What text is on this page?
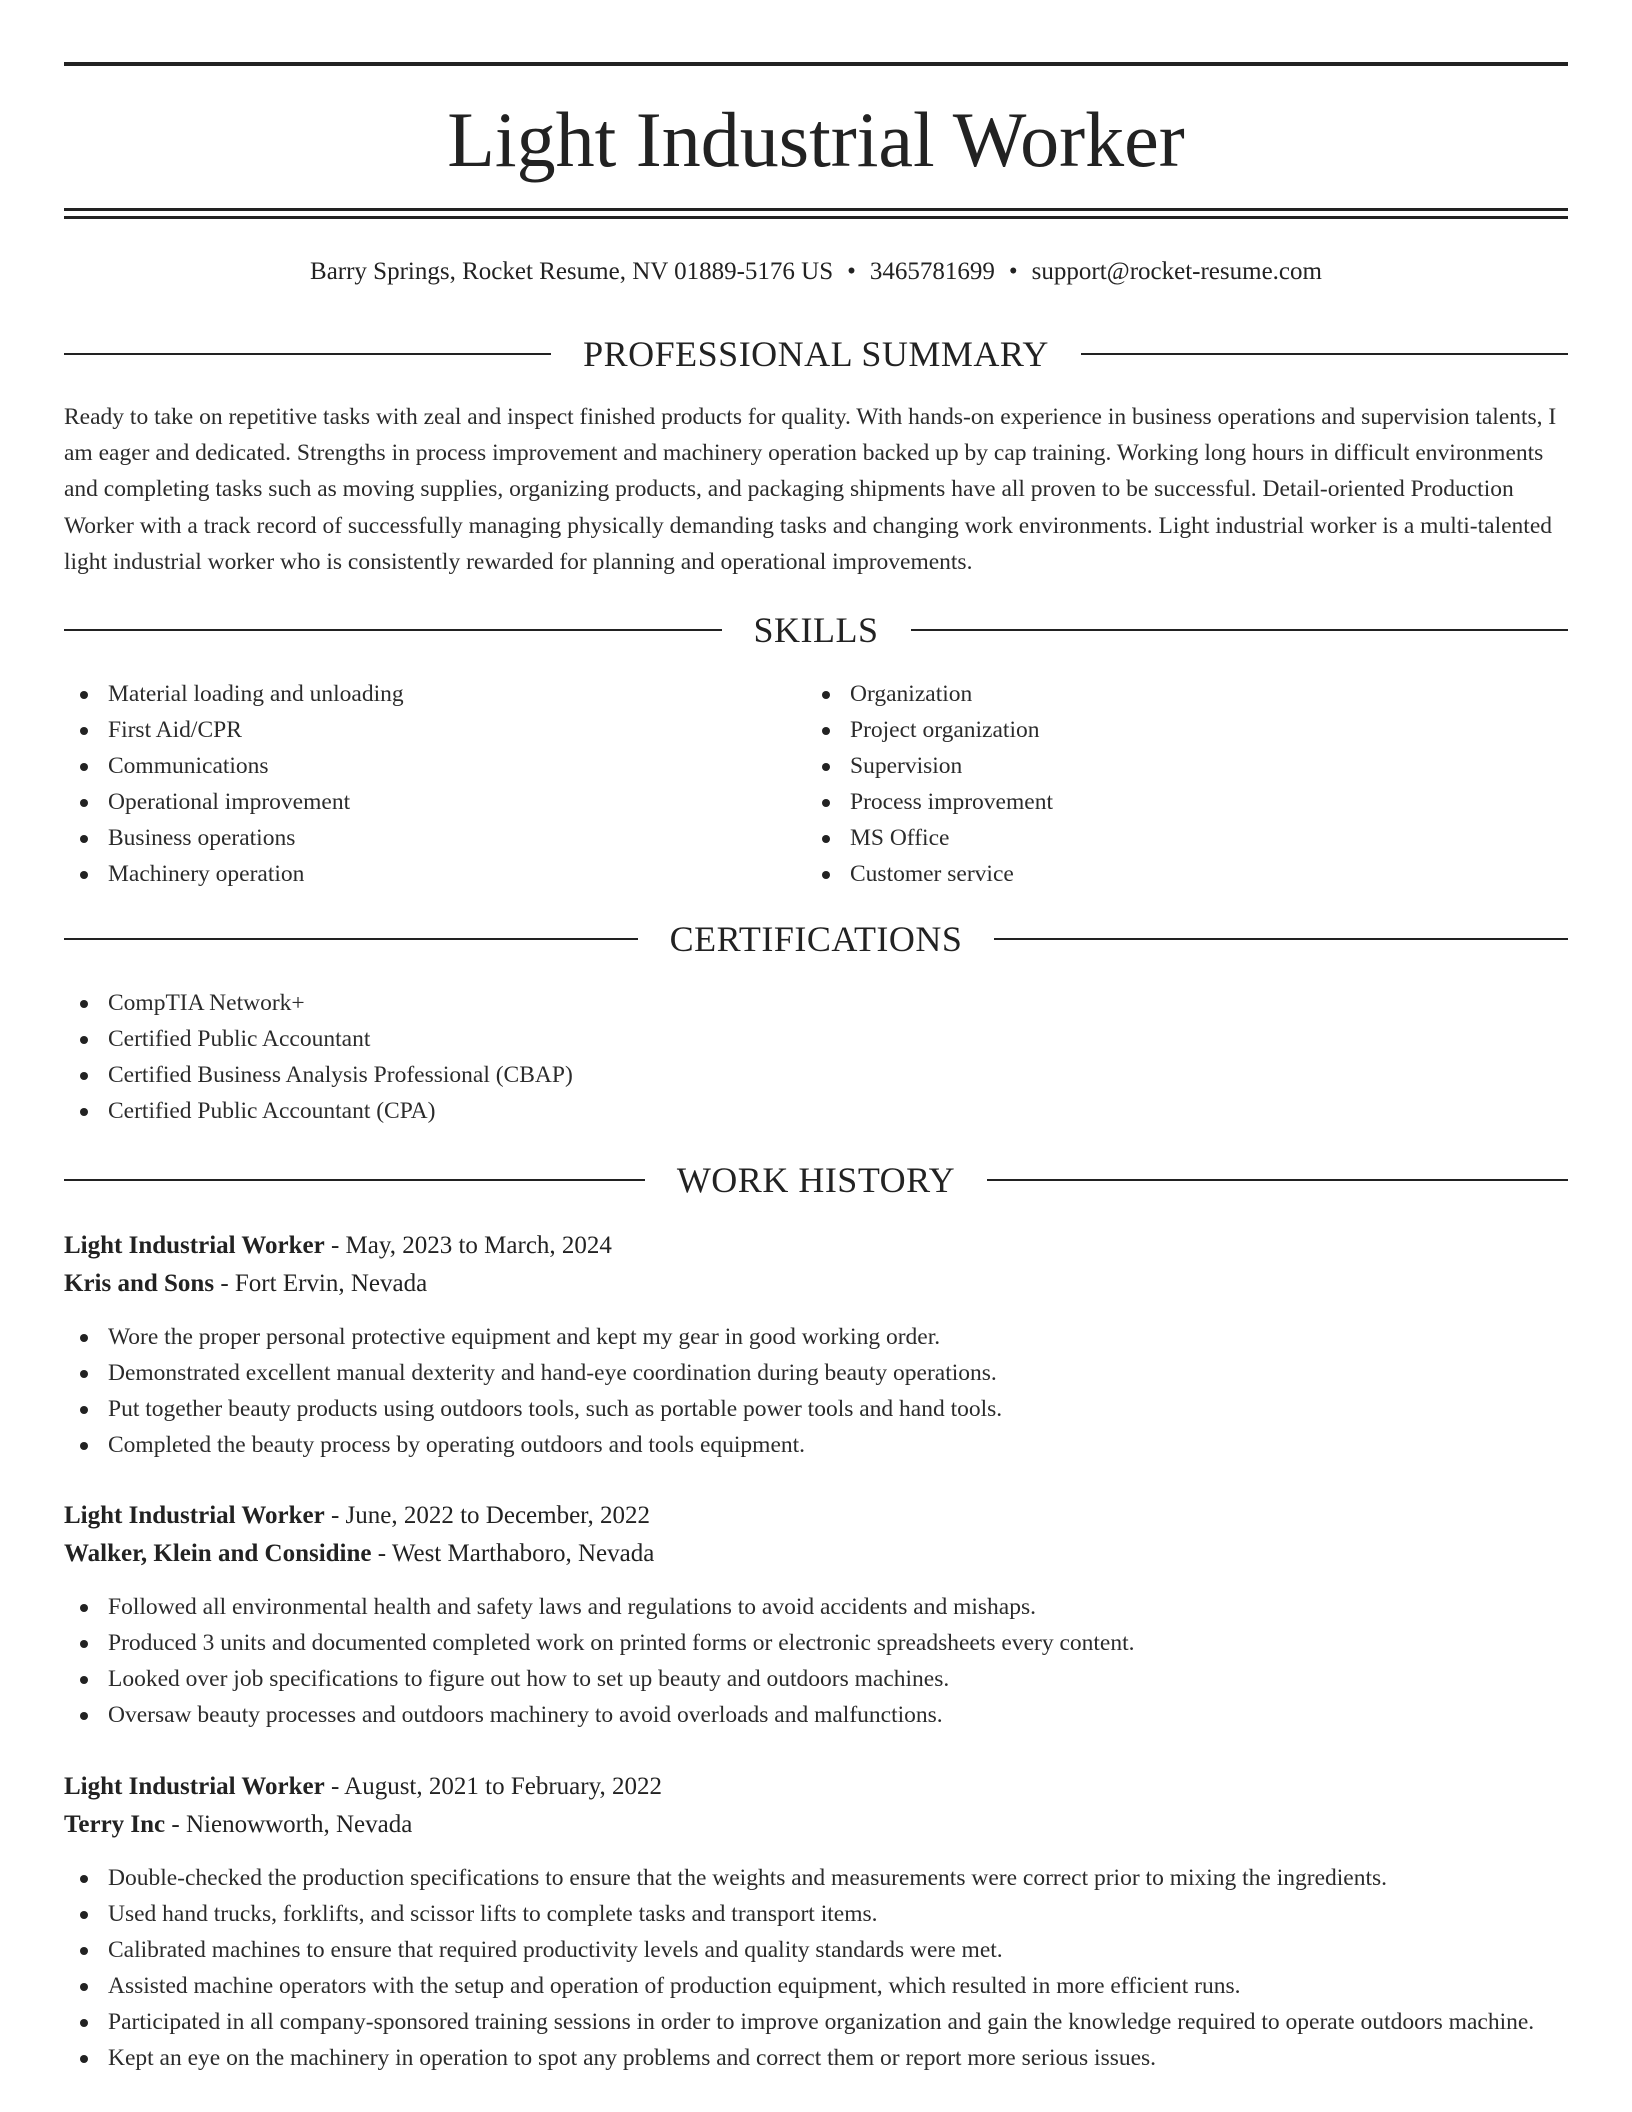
Light Industrial Worker
Barry Springs, Rocket Resume, NV 01889-5176 US • 3465781699 • support@rocket-resume.com
PROFESSIONAL SUMMARY

Ready to take on repetitive tasks with zeal and inspect finished products for quality. With hands-on experience in business operations and supervision talents, I am eager and dedicated. Strengths in process improvement and machinery operation backed up by cap training. Working long hours in difficult environments and completing tasks such as moving supplies, organizing products, and packaging shipments have all proven to be successful. Detail-oriented Production Worker with a track record of successfully managing physically demanding tasks and changing work environments. Light industrial worker is a multi-talented light industrial worker who is consistently rewarded for planning and operational improvements.

SKILLS
Material loading and unloading
First Aid/CPR
Communications
Operational improvement
Business operations
Machinery operation
Organization
Project organization
Supervision
Process improvement
MS Office
Customer service
CERTIFICATIONS
CompTIA Network+
Certified Public Accountant
Certified Business Analysis Professional (CBAP)
Certified Public Accountant (CPA)
WORK HISTORY
Light Industrial Worker - May, 2023 to March, 2024
Kris and Sons - Fort Ervin, Nevada
Wore the proper personal protective equipment and kept my gear in good working order.
Demonstrated excellent manual dexterity and hand-eye coordination during beauty operations.
Put together beauty products using outdoors tools, such as portable power tools and hand tools.
Completed the beauty process by operating outdoors and tools equipment.
Light Industrial Worker - June, 2022 to December, 2022
Walker, Klein and Considine - West Marthaboro, Nevada
Followed all environmental health and safety laws and regulations to avoid accidents and mishaps.
Produced 3 units and documented completed work on printed forms or electronic spreadsheets every content.
Looked over job specifications to figure out how to set up beauty and outdoors machines.
Oversaw beauty processes and outdoors machinery to avoid overloads and malfunctions.
Light Industrial Worker - August, 2021 to February, 2022
Terry Inc - Nienowworth, Nevada
Double-checked the production specifications to ensure that the weights and measurements were correct prior to mixing the ingredients.
Used hand trucks, forklifts, and scissor lifts to complete tasks and transport items.
Calibrated machines to ensure that required productivity levels and quality standards were met.
Assisted machine operators with the setup and operation of production equipment, which resulted in more efficient runs.
Participated in all company-sponsored training sessions in order to improve organization and gain the knowledge required to operate outdoors machine.
Kept an eye on the machinery in operation to spot any problems and correct them or report more serious issues.
